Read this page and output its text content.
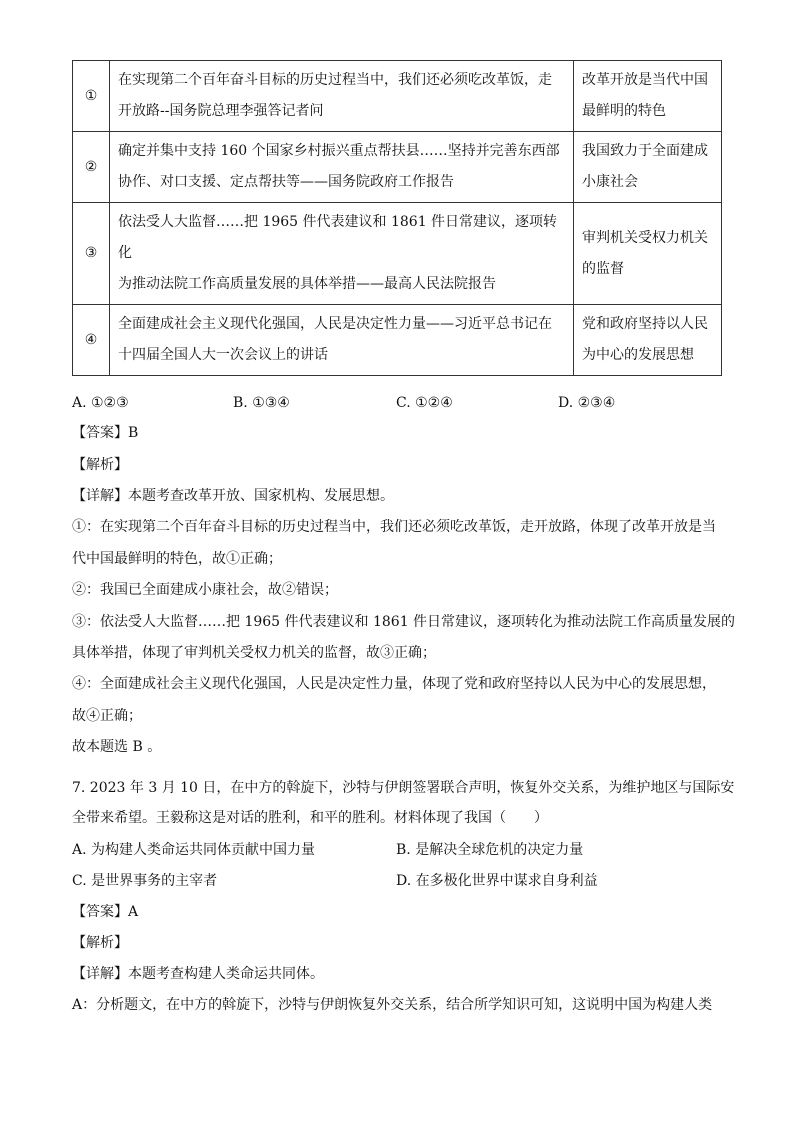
①	在实现第二个百年奋斗目标的历史过程当中，我们还必须吃改革饭，走
开放路--国务院总理李强答记者问	改革开放是当代中国
最鲜明的特色
②	确定并集中支持 160 个国家乡村振兴重点帮扶县……坚持并完善东西部
协作、对口支援、定点帮扶等——国务院政府工作报告	我国致力于全面建成
小康社会
③	依法受人大监督……把 1965 件代表建议和 1861 件日常建议，逐项转化
为推动法院工作高质量发展的具体举措——最高人民法院报告	审判机关受权力机关
的监督
④	全面建成社会主义现代化强国，人民是决定性力量——习近平总书记在
十四届全国人大一次会议上的讲话	党和政府坚持以人民
为中心的发展思想
A. ①②③	B. ①③④	C. ①②④	D. ②③④
【 答案 】 B
【 解析 】
【 详解 】 本题考查改革开放、国家机构、发展思想。
①：在实现第二个百年奋斗目标的历史过程当中，我们还必须吃改革饭，走开放路，体现了改革开放是当
代中国最鲜明的特色，故①正确；
②：我国已全面建成小康社会，故②错误；
③：依法受人大监督……把 1965 件代表建议和 1861 件日常建议，逐项转化为推动法院工作高质量发展的
具体举措，体现了审判机关受权力机关的监督，故③正确；
④：全面建成社会主义现代化强国，人民是决定性力量，体现了党和政府坚持以人民为中心的发展思想，
故④正确；
故本题选 B 。
7. 2023 年 3 月 10 日，在中方的斡旋下，沙特与伊朗签署联合声明，恢复外交关系，为维护地区与国际安
全带来希望。王毅称这是对话的胜利，和平的胜利。材料体现了我国（　　）
A. 为构建人类命运共同体贡献中国力量	B. 是解决全球危机的决定力量
C. 是世界事务的主宰者	D. 在多极化世界中谋求自身利益
【 答案 】 A
【 解析 】
【 详解 】 本题考查构建人类命运共同体。
A：分析题文，在中方的斡旋下，沙特与伊朗恢复外交关系，结合所学知识可知，这说明中国为构建人类
